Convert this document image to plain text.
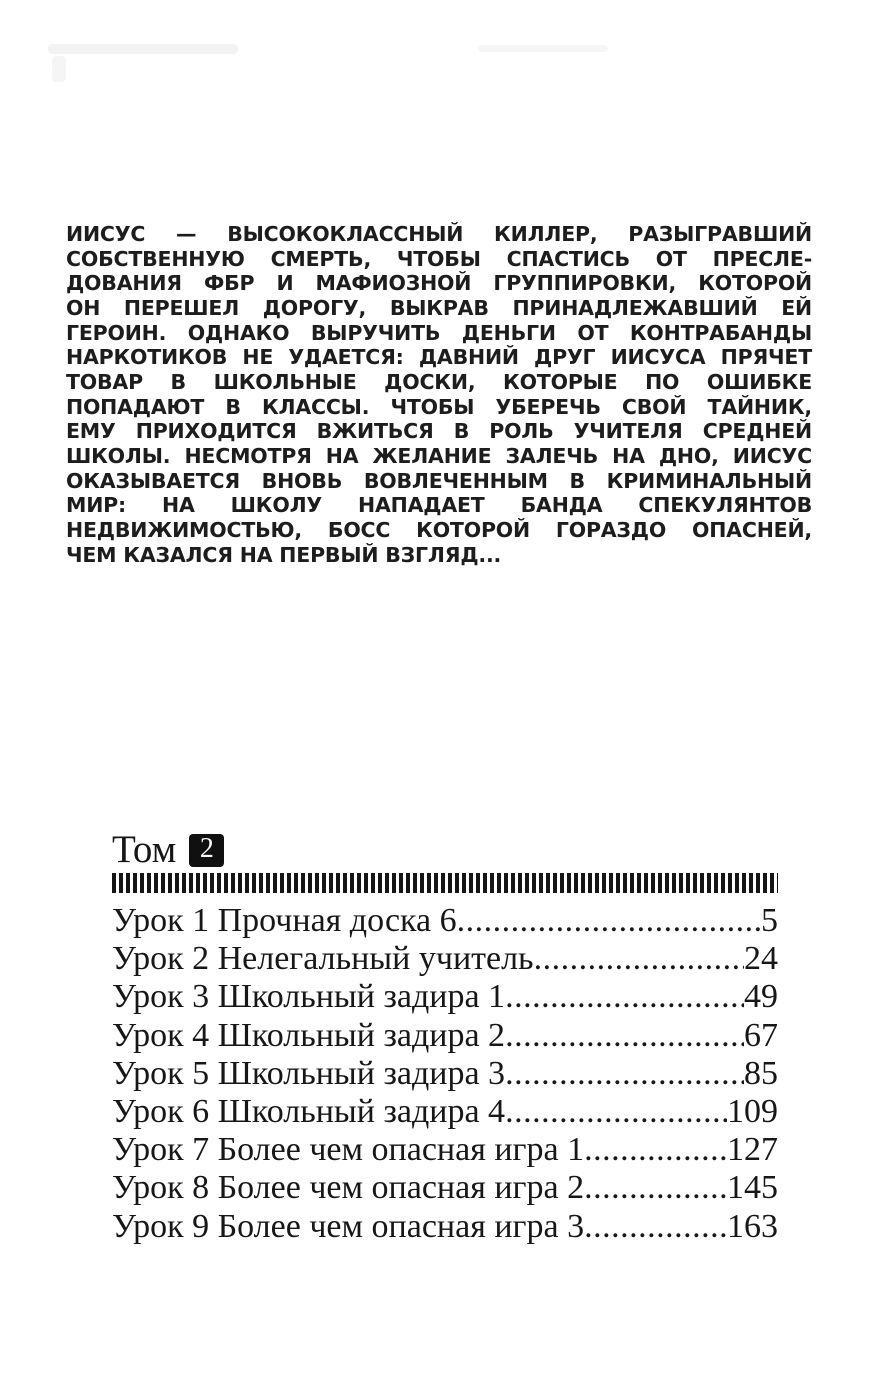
ИИСУС — ВЫСОКОКЛАССНЫЙ КИЛЛЕР, РАЗЫГРАВШИЙ
СОБСТВЕННУЮ СМЕРТЬ, ЧТОБЫ СПАСТИСЬ ОТ ПРЕСЛЕ-
ДОВАНИЯ ФБР И МАФИОЗНОЙ ГРУППИРОВКИ, КОТОРОЙ
ОН ПЕРЕШЕЛ ДОРОГУ, ВЫКРАВ ПРИНАДЛЕЖАВШИЙ ЕЙ
ГЕРОИН. ОДНАКО ВЫРУЧИТЬ ДЕНЬГИ ОТ КОНТРАБАНДЫ
НАРКОТИКОВ НЕ УДАЕТСЯ: ДАВНИЙ ДРУГ ИИСУСА ПРЯЧЕТ
ТОВАР В ШКОЛЬНЫЕ ДОСКИ, КОТОРЫЕ ПО ОШИБКЕ
ПОПАДАЮТ В КЛАССЫ. ЧТОБЫ УБЕРЕЧЬ СВОЙ ТАЙНИК,
ЕМУ ПРИХОДИТСЯ ВЖИТЬСЯ В РОЛЬ УЧИТЕЛЯ СРЕДНЕЙ
ШКОЛЫ. НЕСМОТРЯ НА ЖЕЛАНИЕ ЗАЛЕЧЬ НА ДНО, ИИСУС
ОКАЗЫВАЕТСЯ ВНОВЬ ВОВЛЕЧЕННЫМ В КРИМИНАЛЬНЫЙ
МИР: НА ШКОЛУ НАПАДАЕТ БАНДА СПЕКУЛЯНТОВ
НЕДВИЖИМОСТЬЮ, БОСС КОТОРОЙ ГОРАЗДО ОПАСНЕЙ,
ЧЕМ КАЗАЛСЯ НА ПЕРВЫЙ ВЗГЛЯД...
Том 2
Урок 1 Прочная доска 6 .....	5
Урок 2 Нелегальный учитель .....	24
Урок 3 Школьный задира 1 .....	49
Урок 4 Школьный задира 2 .....	67
Урок 5 Школьный задира 3 .....	85
Урок 6 Школьный задира 4 .....	109
Урок 7 Более чем опасная игра 1 .....	127
Урок 8 Более чем опасная игра 2 .....	145
Урок 9 Более чем опасная игра 3 .....	163
